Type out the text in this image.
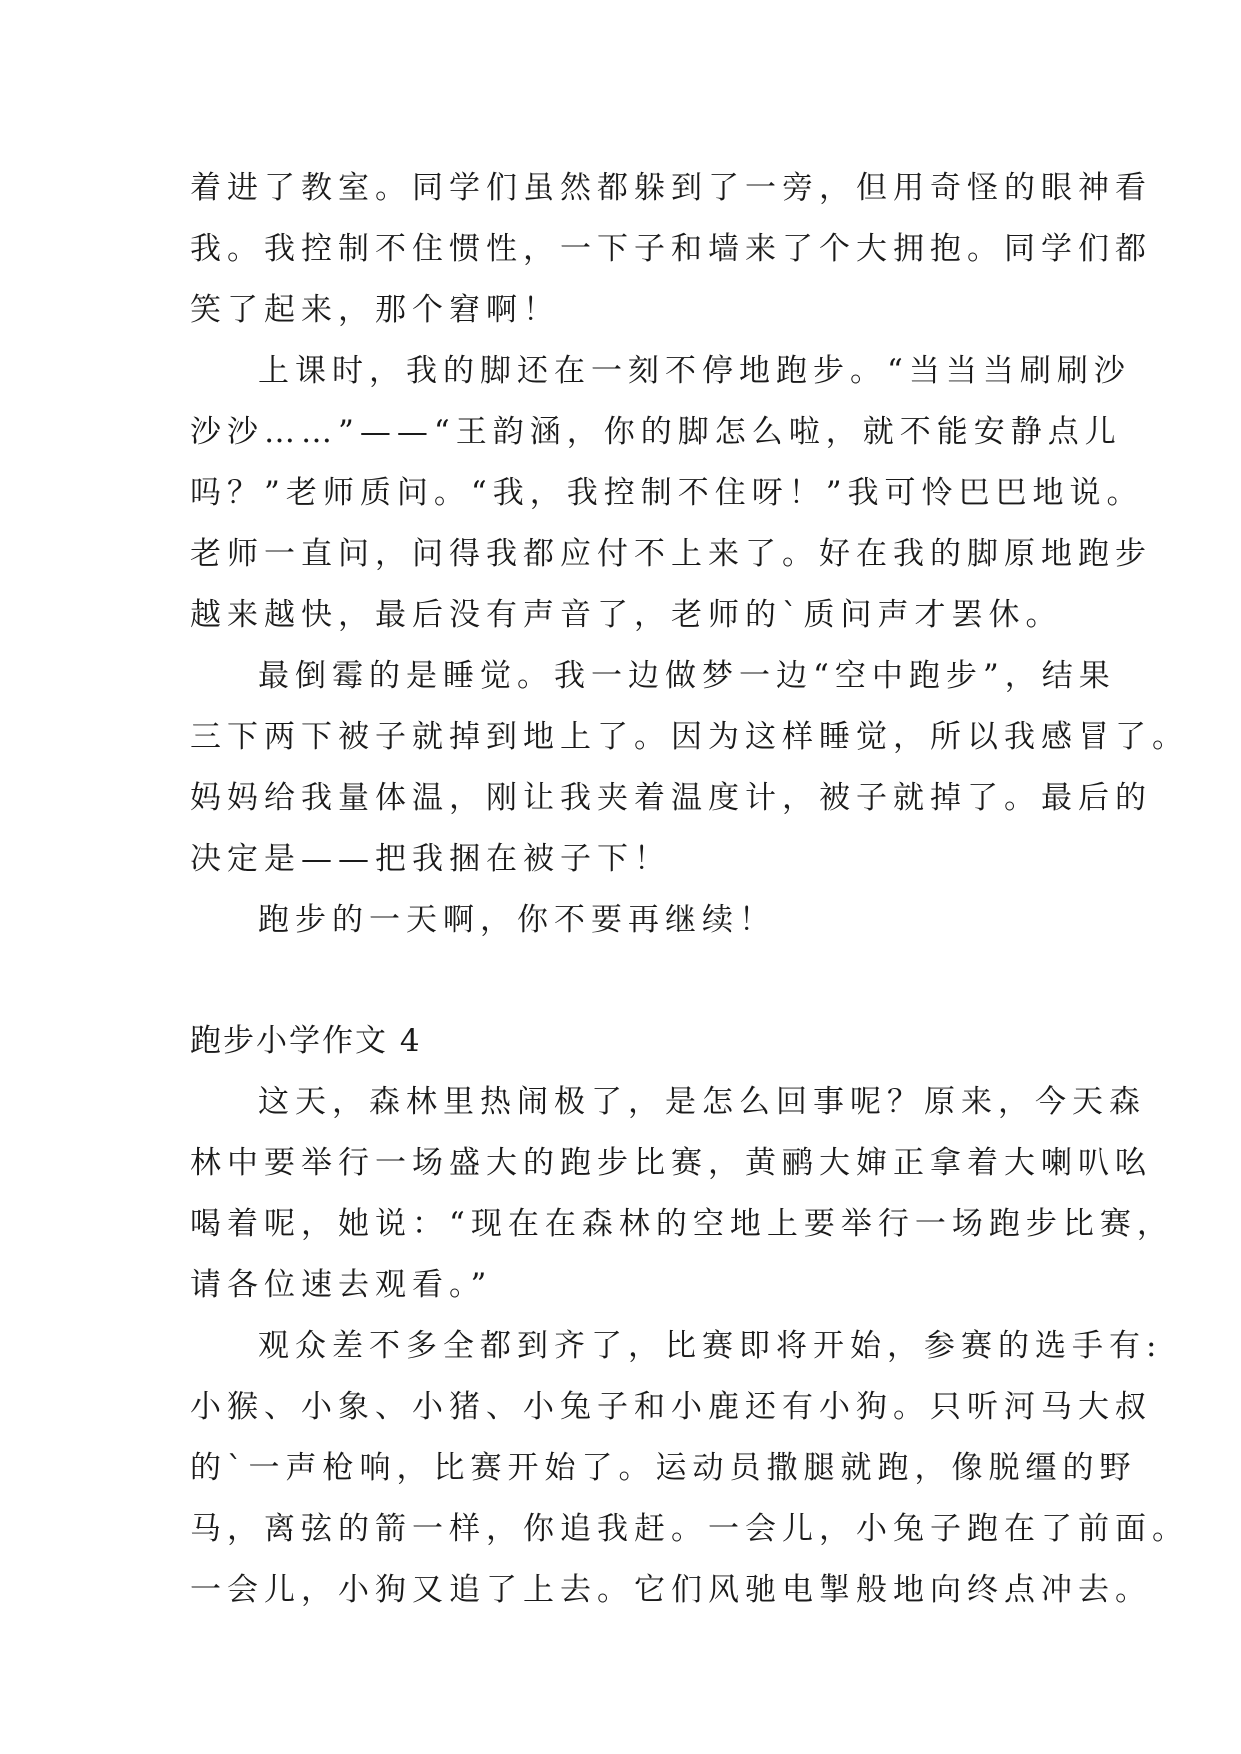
着进了教室。同学们虽然都躲到了一旁，但用奇怪的眼神看
我。我控制不住惯性，一下子和墙来了个大拥抱。同学们都
笑了起来，那个窘啊！
上课时，我的脚还在一刻不停地跑步。“当当当刷刷沙
沙沙……”——“王韵涵，你的脚怎么啦，就不能安静点儿
吗？”老师质问。“我，我控制不住呀！”我可怜巴巴地说。
老师一直问，问得我都应付不上来了。好在我的脚原地跑步
越来越快，最后没有声音了，老师的`质问声才罢休。
最倒霉的是睡觉。我一边做梦一边“空中跑步”，结果
三下两下被子就掉到地上了。因为这样睡觉，所以我感冒了。
妈妈给我量体温，刚让我夹着温度计，被子就掉了。最后的
决定是——把我捆在被子下！
跑步的一天啊，你不要再继续！
跑步小学作文 4
这天，森林里热闹极了，是怎么回事呢？原来，今天森
林中要举行一场盛大的跑步比赛，黄鹂大婶正拿着大喇叭吆
喝着呢，她说：“现在在森林的空地上要举行一场跑步比赛，
请各位速去观看。”
观众差不多全都到齐了，比赛即将开始，参赛的选手有:
小猴、小象、小猪、小兔子和小鹿还有小狗。只听河马大叔
的`一声枪响，比赛开始了。运动员撒腿就跑，像脱缰的野
马，离弦的箭一样，你追我赶。一会儿，小兔子跑在了前面。
一会儿，小狗又追了上去。它们风驰电掣般地向终点冲去。
